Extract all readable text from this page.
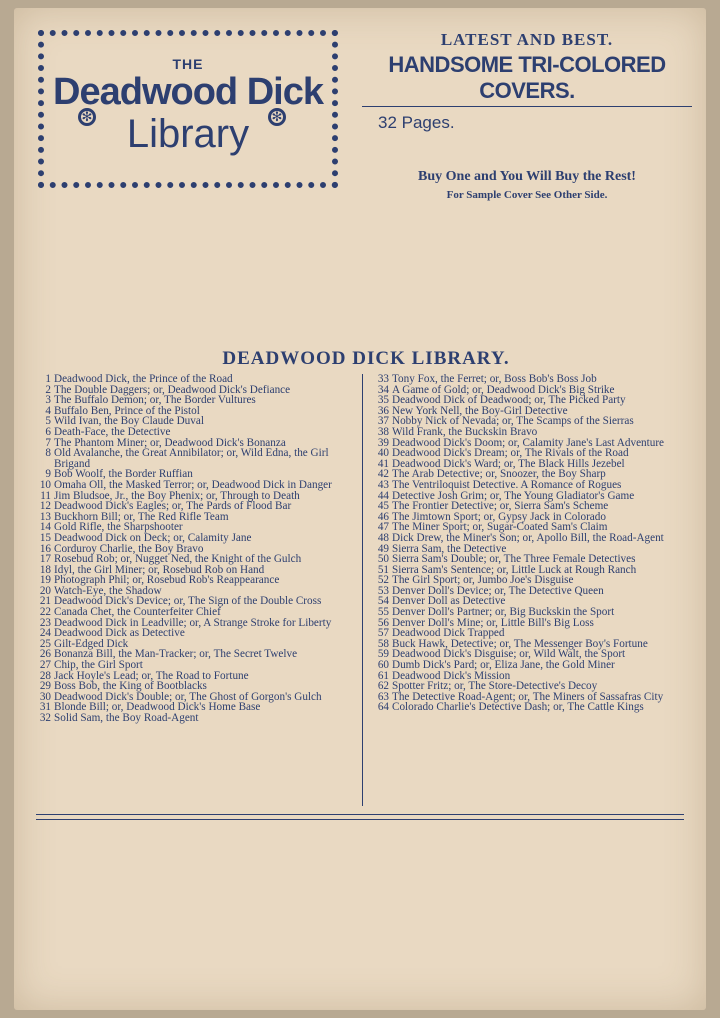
THE
Deadwood Dick
Library
✻	✻
LATEST AND BEST.
HANDSOME TRI-COLORED COVERS.
32 Pages.
Buy One and You Will Buy the Rest!
For Sample Cover See Other Side.
DEADWOOD DICK LIBRARY.
1 Deadwood Dick, the Prince of the Road
2 The Double Daggers; or, Deadwood Dick's Defiance
3 The Buffalo Demon; or, The Border Vultures
4 Buffalo Ben, Prince of the Pistol
5 Wild Ivan, the Boy Claude Duval
6 Death-Face, the Detective
7 The Phantom Miner; or, Deadwood Dick's Bonanza
8 Old Avalanche, the Great Annibilator; or, Wild Edna, the Girl Brigand
9 Bob Woolf, the Border Ruffian
10 Omaha Oll, the Masked Terror; or, Deadwood Dick in Danger
11 Jim Bludsoe, Jr., the Boy Phenix; or, Through to Death
12 Deadwood Dick's Eagles; or, The Pards of Flood Bar
13 Buckhorn Bill; or, The Red Rifle Team
14 Gold Rifle, the Sharpshooter
15 Deadwood Dick on Deck; or, Calamity Jane
16 Corduroy Charlie, the Boy Bravo
17 Rosebud Rob; or, Nugget Ned, the Knight of the Gulch
18 Idyl, the Girl Miner; or, Rosebud Rob on Hand
19 Photograph Phil; or, Rosebud Rob's Reappearance
20 Watch-Eye, the Shadow
21 Deadwood Dick's Device; or, The Sign of the Double Cross
22 Canada Chet, the Counterfeiter Chief
23 Deadwood Dick in Leadville; or, A Strange Stroke for Liberty
24 Deadwood Dick as Detective
25 Gilt-Edged Dick
26 Bonanza Bill, the Man-Tracker; or, The Secret Twelve
27 Chip, the Girl Sport
28 Jack Hoyle's Lead; or, The Road to Fortune
29 Boss Bob, the King of Bootblacks
30 Deadwood Dick's Double; or, The Ghost of Gorgon's Gulch
31 Blonde Bill; or, Deadwood Dick's Home Base
32 Solid Sam, the Boy Road-Agent
33 Tony Fox, the Ferret; or, Boss Bob's Boss Job
34 A Game of Gold; or, Deadwood Dick's Big Strike
35 Deadwood Dick of Deadwood; or, The Picked Party
36 New York Nell, the Boy-Girl Detective
37 Nobby Nick of Nevada; or, The Scamps of the Sierras
38 Wild Frank, the Buckskin Bravo
39 Deadwood Dick's Doom; or, Calamity Jane's Last Adventure
40 Deadwood Dick's Dream; or, The Rivals of the Road
41 Deadwood Dick's Ward; or, The Black Hills Jezebel
42 The Arab Detective; or, Snoozer, the Boy Sharp
43 The Ventriloquist Detective. A Romance of Rogues
44 Detective Josh Grim; or, The Young Gladiator's Game
45 The Frontier Detective; or, Sierra Sam's Scheme
46 The Jimtown Sport; or, Gypsy Jack in Colorado
47 The Miner Sport; or, Sugar-Coated Sam's Claim
48 Dick Drew, the Miner's Son; or, Apollo Bill, the Road-Agent
49 Sierra Sam, the Detective
50 Sierra Sam's Double; or, The Three Female Detectives
51 Sierra Sam's Sentence; or, Little Luck at Rough Ranch
52 The Girl Sport; or, Jumbo Joe's Disguise
53 Denver Doll's Device; or, The Detective Queen
54 Denver Doll as Detective
55 Denver Doll's Partner; or, Big Buckskin the Sport
56 Denver Doll's Mine; or, Little Bill's Big Loss
57 Deadwood Dick Trapped
58 Buck Hawk, Detective; or, The Messenger Boy's Fortune
59 Deadwood Dick's Disguise; or, Wild Walt, the Sport
60 Dumb Dick's Pard; or, Eliza Jane, the Gold Miner
61 Deadwood Dick's Mission
62 Spotter Fritz; or, The Store-Detective's Decoy
63 The Detective Road-Agent; or, The Miners of Sassafras City
64 Colorado Charlie's Detective Dash; or, The Cattle Kings
